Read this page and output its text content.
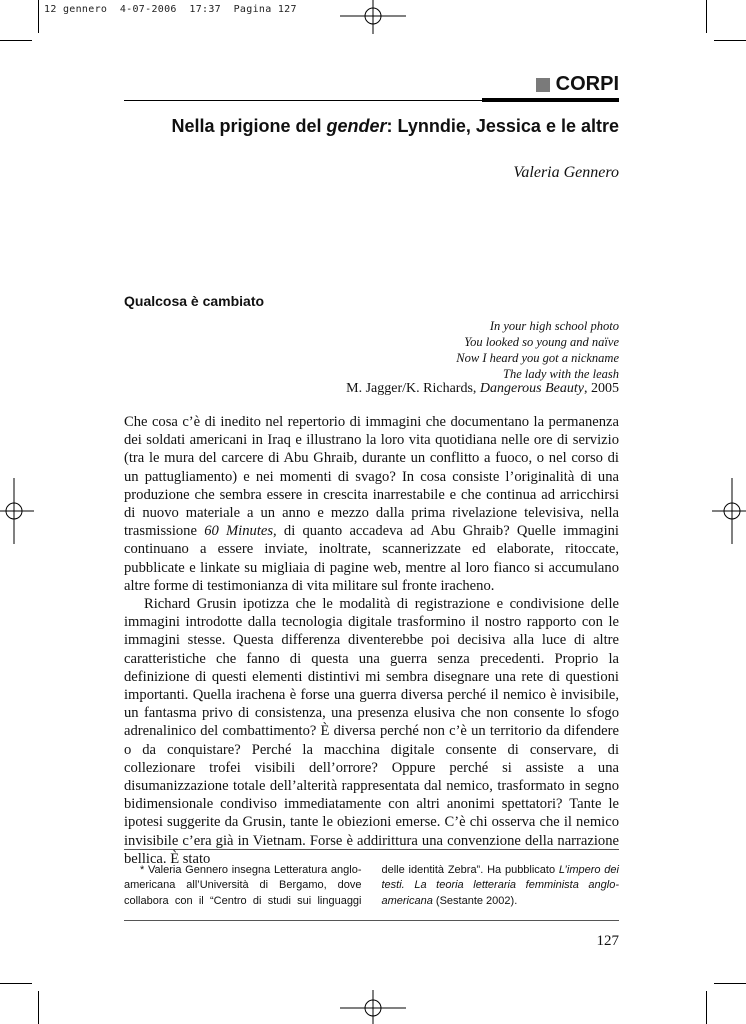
12 gennero  4-07-2006  17:37  Pagina 127
CORPI
Nella prigione del gender: Lynndie, Jessica e le altre
Valeria Gennero
Qualcosa è cambiato
In your high school photo
You looked so young and naïve
Now I heard you got a nickname
The lady with the leash
M. Jagger/K. Richards, Dangerous Beauty, 2005

Che cosa c’è di inedito nel repertorio di immagini che documentano la permanenza dei soldati americani in Iraq e illustrano la loro vita quotidiana nelle ore di servizio (tra le mura del carcere di Abu Ghraib, durante un conflitto a fuoco, o nel corso di un pattugliamento) e nei momenti di svago? In cosa consiste l’originalità di una produzione che sembra essere in crescita inarrestabile e che continua ad arricchirsi di nuovo materiale a un anno e mezzo dalla prima rivelazione televisiva, nella trasmissione 60 Minutes, di quanto accadeva ad Abu Ghraib? Quelle immagini continuano a essere inviate, inoltrate, scannerizzate ed elaborate, ritoccate, pubblicate e linkate su migliaia di pagine web, mentre al loro fianco si accumulano altre forme di testimonianza di vita militare sul fronte iracheno.

Richard Grusin ipotizza che le modalità di registrazione e condivisione delle immagini introdotte dalla tecnologia digitale trasformino il nostro rapporto con le immagini stesse. Questa differenza diventerebbe poi decisiva alla luce di altre caratteristiche che fanno di questa una guerra senza precedenti. Proprio la definizione di questi elementi distintivi mi sembra disegnare una rete di questioni importanti. Quella irachena è forse una guerra diversa perché il nemico è invisibile, un fantasma privo di consistenza, una presenza elusiva che non consente lo sfogo adrenalinico del combattimento? È diversa perché non c’è un territorio da difendere o da conquistare? Perché la macchina digitale consente di conservare, di collezionare trofei visibili dell’orrore? Oppure perché si assiste a una disumanizzazione totale dell’alterità rappresentata dal nemico, trasformato in segno bidimensionale condiviso immediatamente con altri anonimi spettatori? Tante le ipotesi suggerite da Grusin, tante le obiezioni emerse. C’è chi osserva che il nemico invisibile c’era già in Vietnam. Forse è addirittura una convenzione della narrazione bellica. È stato

* Valeria Gennero insegna Letteratura anglo-americana all’Università di Bergamo, dove collabora con il “Centro di studi sui linguaggi delle identità Zebra”. Ha pubblicato L’impero dei testi. La teoria letteraria femminista anglo-americana (Sestante 2002).

127
